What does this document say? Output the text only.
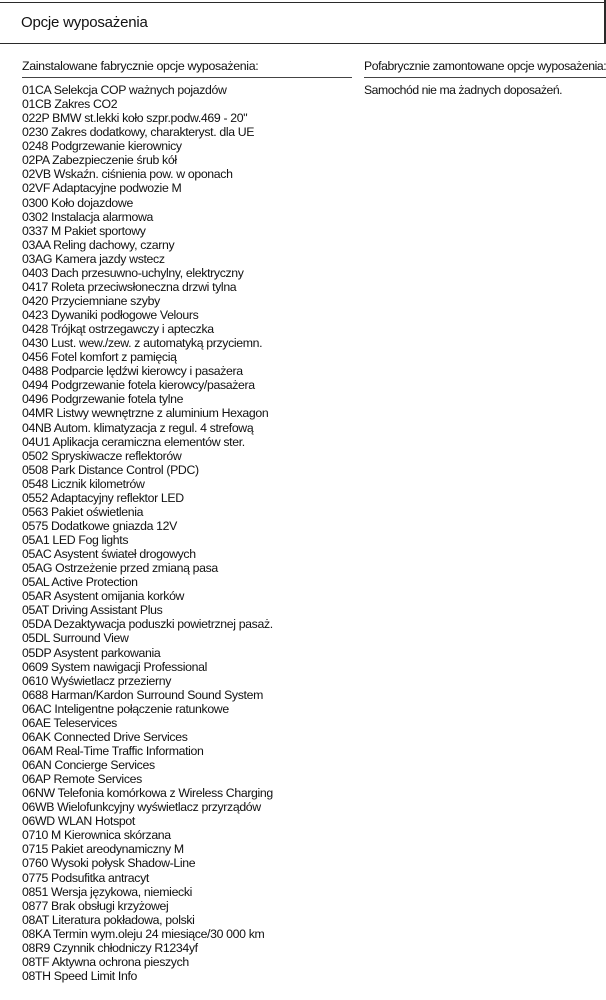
Opcje wyposażenia
Zainstalowane fabrycznie opcje wyposażenia:
01CA Selekcja COP ważnych pojazdów
01CB Zakres CO2
022P BMW st.lekki koło szpr.podw.469 - 20"
0230 Zakres dodatkowy, charakteryst. dla UE
0248 Podgrzewanie kierownicy
02PA Zabezpieczenie śrub kół
02VB Wskaźn. ciśnienia pow. w oponach
02VF Adaptacyjne podwozie M
0300 Koło dojazdowe
0302 Instalacja alarmowa
0337 M Pakiet sportowy
03AA Reling dachowy, czarny
03AG Kamera jazdy wstecz
0403 Dach przesuwno-uchylny, elektryczny
0417 Roleta przeciwsłoneczna drzwi tylna
0420 Przyciemniane szyby
0423 Dywaniki podłogowe Velours
0428 Trójkąt ostrzegawczy i apteczka
0430 Lust. wew./zew. z automatyką przyciemn.
0456 Fotel komfort z pamięcią
0488 Podparcie lędźwi kierowcy i pasażera
0494 Podgrzewanie fotela kierowcy/pasażera
0496 Podgrzewanie fotela tylne
04MR Listwy wewnętrzne z aluminium Hexagon
04NB Autom. klimatyzacja z regul. 4 strefową
04U1 Aplikacja ceramiczna elementów ster.
0502 Spryskiwacze reflektorów
0508 Park Distance Control (PDC)
0548 Licznik kilometrów
0552 Adaptacyjny reflektor LED
0563 Pakiet oświetlenia
0575 Dodatkowe gniazda 12V
05A1 LED Fog lights
05AC Asystent świateł drogowych
05AG Ostrzeżenie przed zmianą pasa
05AL Active Protection
05AR Asystent omijania korków
05AT Driving Assistant Plus
05DA Dezaktywacja poduszki powietrznej pasaż.
05DL Surround View
05DP Asystent parkowania
0609 System nawigacji Professional
0610 Wyświetlacz przezierny
0688 Harman/Kardon Surround Sound System
06AC Inteligentne połączenie ratunkowe
06AE Teleservices
06AK Connected Drive Services
06AM Real-Time Traffic Information
06AN Concierge Services
06AP Remote Services
06NW Telefonia komórkowa z Wireless Charging
06WB Wielofunkcyjny wyświetlacz przyrządów
06WD WLAN Hotspot
0710 M Kierownica skórzana
0715 Pakiet areodynamiczny M
0760 Wysoki połysk Shadow-Line
0775 Podsufitka antracyt
0851 Wersja językowa, niemiecki
0877 Brak obsługi krzyżowej
08AT Literatura pokładowa, polski
08KA Termin wym.oleju 24 miesiące/30 000 km
08R9 Czynnik chłodniczy R1234yf
08TF Aktywna ochrona pieszych
08TH Speed Limit Info
Pofabrycznie zamontowane opcje wyposażenia:
Samochód nie ma żadnych doposażeń.
